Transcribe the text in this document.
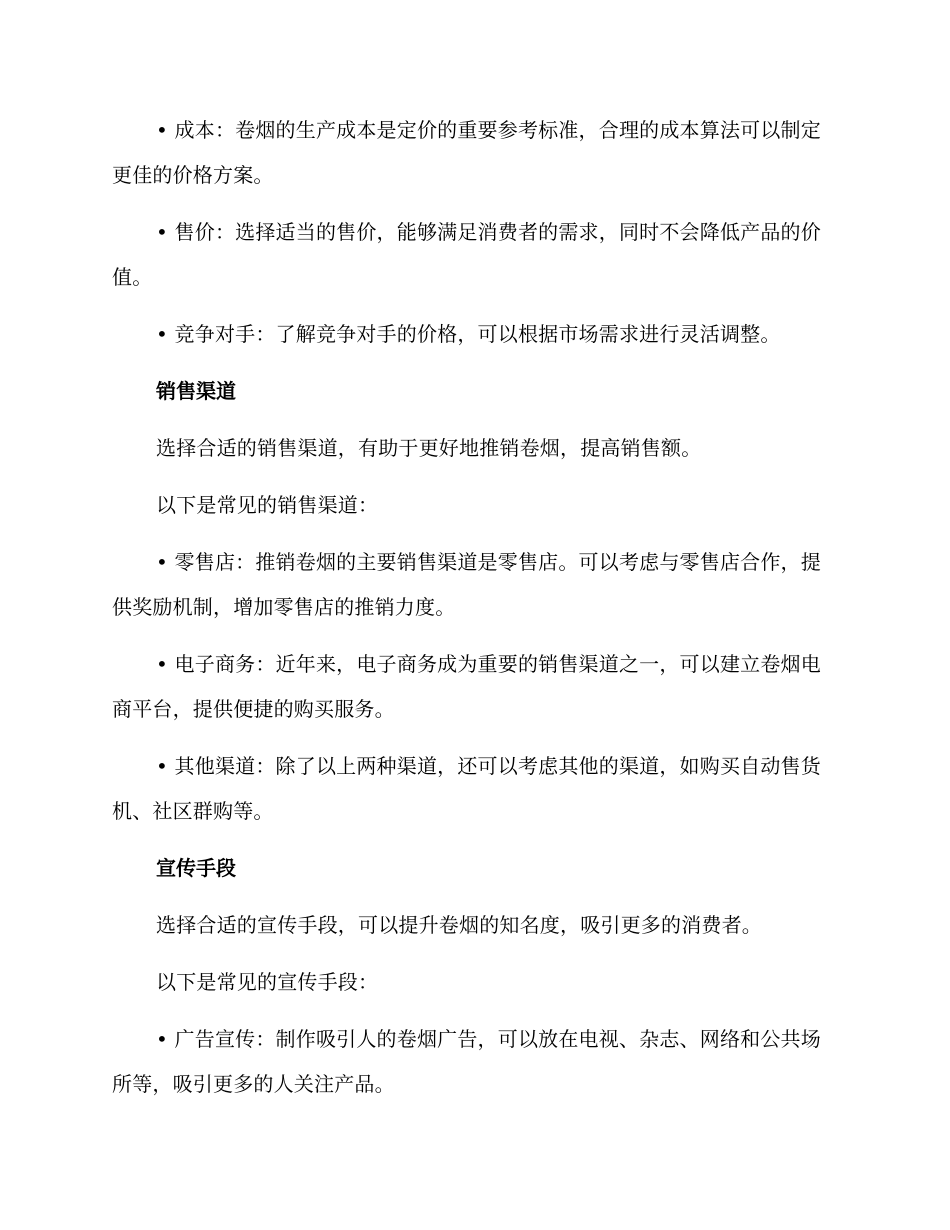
• 成本：卷烟的生产成本是定价的重要参考标准，合理的成本算法可以制定更佳的价格方案。

• 售价：选择适当的售价，能够满足消费者的需求，同时不会降低产品的价值。

• 竞争对手：了解竞争对手的价格，可以根据市场需求进行灵活调整。

销售渠道

选择合适的销售渠道，有助于更好地推销卷烟，提高销售额。

以下是常见的销售渠道：

• 零售店：推销卷烟的主要销售渠道是零售店。可以考虑与零售店合作，提供奖励机制，增加零售店的推销力度。

• 电子商务：近年来，电子商务成为重要的销售渠道之一，可以建立卷烟电商平台，提供便捷的购买服务。

• 其他渠道：除了以上两种渠道，还可以考虑其他的渠道，如购买自动售货机、社区群购等。

宣传手段

选择合适的宣传手段，可以提升卷烟的知名度，吸引更多的消费者。

以下是常见的宣传手段：

• 广告宣传：制作吸引人的卷烟广告，可以放在电视、杂志、网络和公共场所等，吸引更多的人关注产品。
